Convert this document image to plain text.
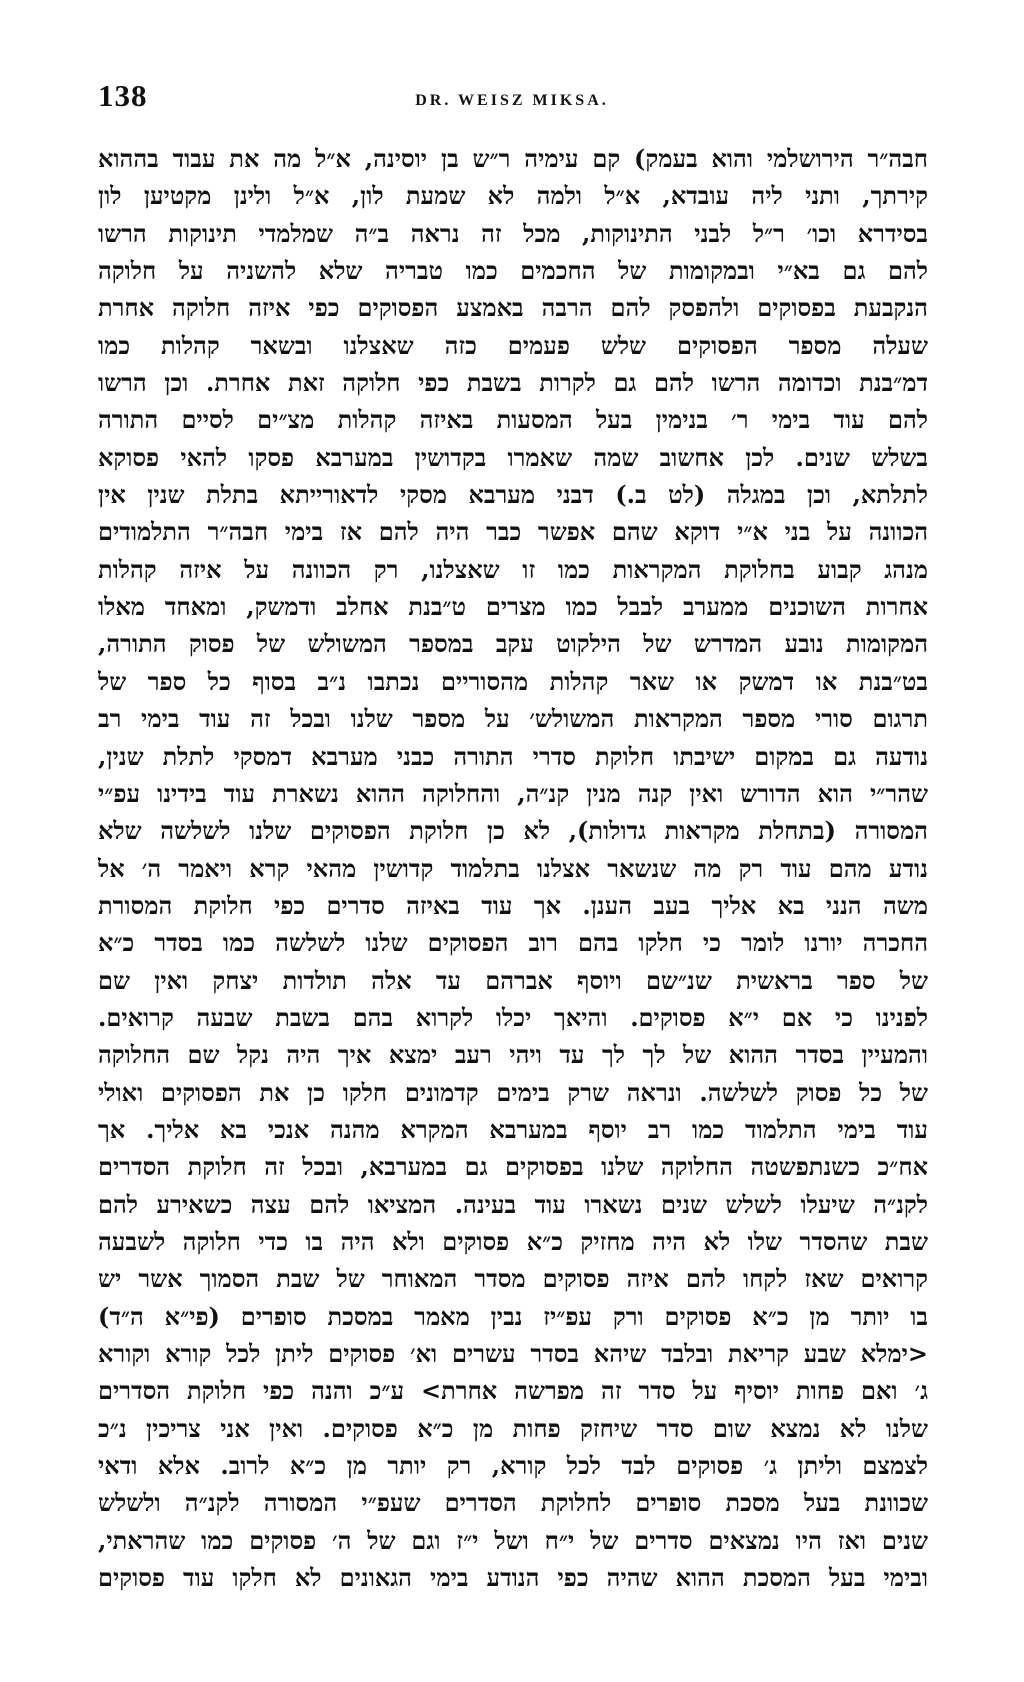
138	DR. WEISZ MIKSA.
חבה״ר הירושלמי והוא בעמק) קם עימיה ר״ש בן יוסינה, א״ל מה את עבוד בההוא
קירתך, ותני ליה עובדא, א״ל ולמה לא שמעת לון, א״ל ולינן מקטיען לון
בסידרא וכו׳ ר״ל לבני התינוקות, מכל זה נראה ב״ה שמלמדי תינוקות הרשו
להם גם בא״י ובמקומות של החכמים כמו טבריה שלא להשניה על חלוקה
הנקבעת בפסוקים ולהפסק להם הרבה באמצע הפסוקים כפי איזה חלוקה אחרת
שעלה מספר הפסוקים שלש פעמים כזה שאצלנו ובשאר קהלות כמו
דמ״בנת וכדומה הרשו להם גם לקרות בשבת כפי חלוקה זאת אחרת. וכן הרשו
להם עוד בימי ר׳ בנימין בעל המסעות באיזה קהלות מצ״ים לסיים התורה
בשלש שנים. לכן אחשוב שמה שאמרו בקדושין במערבא פסקו להאי פסוקא
לתלתא, וכן במגלה (לט ב.) דבני מערבא מסקי לדאורייתא בתלת שנין אין
הכוונה על בני א״י דוקא שהם אפשר כבר היה להם אז בימי חבה״ר התלמודים
מנהג קבוע בחלוקת המקראות כמו זו שאצלנו, רק הכוונה על איזה קהלות
אחרות השוכנים ממערב לבבל כמו מצרים ט״בנת אחלב ודמשק, ומאחד מאלו
המקומות נובע המדרש של הילקוט עקב במספר המשולש של פסוק התורה,
בט״בנת או דמשק או שאר קהלות מהסוריים נכתבו נ״ב בסוף כל ספר של
תרגום סורי מספר המקראות המשולש׳ על מספר שלנו ובכל זה עוד בימי רב
נודעה גם במקום ישיבתו חלוקת סדרי התורה כבני מערבא דמסקי לתלת שנין,
שהר״י הוא הדורש ואין קנה מנין קנ״ה, והחלוקה ההוא נשארת עוד בידינו עפ״י
המסורה (בתחלת מקראות גדולות), לא כן חלוקת הפסוקים שלנו לשלשה שלא
נודע מהם עוד רק מה שנשאר אצלנו בתלמוד קדושין מהאי קרא ויאמר ה׳ אל
משה הנני בא אליך בעב הענן. אך עוד באיזה סדרים כפי חלוקת המסורת
החכרה יורנו לומר כי חלקו בהם רוב הפסוקים שלנו לשלשה כמו בסדר כ״א
של ספר בראשית שנ״שם ויוסף אברהם עד אלה תולדות יצחק ואין שם
לפנינו כי אם י״א פסוקים. והיאך יכלו לקרוא בהם בשבת שבעה קרואים.
והמעיין בסדר ההוא של לך לך עד ויהי רעב ימצא איך היה נקל שם החלוקה
של כל פסוק לשלשה. ונראה שרק בימים קדמונים חלקו כן את הפסוקים ואולי
עוד בימי התלמוד כמו רב יוסף במערבא המקרא מהנה אנכי בא אליך. אך
אח״כ כשנתפשטה החלוקה שלנו בפסוקים גם במערבא, ובכל זה חלוקת הסדרים
לקנ״ה שיעלו לשלש שנים נשארו עוד בעינה. המציאו להם עצה כשאירע להם
שבת שהסדר שלו לא היה מחזיק כ״א פסוקים ולא היה בו כדי חלוקה לשבעה
קרואים שאז לקחו להם איזה פסוקים מסדר המאוחר של שבת הסמוך אשר יש
בו יותר מן כ״א פסוקים ורק עפ״יז נבין מאמר במסכת סופרים (פי״א ה״ד)
<ימלא שבע קריאת ובלבד שיהא בסדר עשרים וא׳ פסוקים ליתן לכל קורא וקורא
ג׳ ואם פחות יוסיף על סדר זה מפרשה אחרת> ע״כ והנה כפי חלוקת הסדרים
שלנו לא נמצא שום סדר שיחזק פחות מן כ״א פסוקים. ואין אני צריכין נ״כ
לצמצם וליתן ג׳ פסוקים לבד לכל קורא, רק יותר מן כ״א לרוב. אלא ודאי
שכוונת בעל מסכת סופרים לחלוקת הסדרים שעפ״י המסורה לקנ״ה ולשלש
שנים ואז היו נמצאים סדרים של י״ח ושל י״ז וגם של ה׳ פסוקים כמו שהראתי,
ובימי בעל המסכת ההוא שהיה כפי הנודע בימי הגאונים לא חלקו עוד פסוקים
